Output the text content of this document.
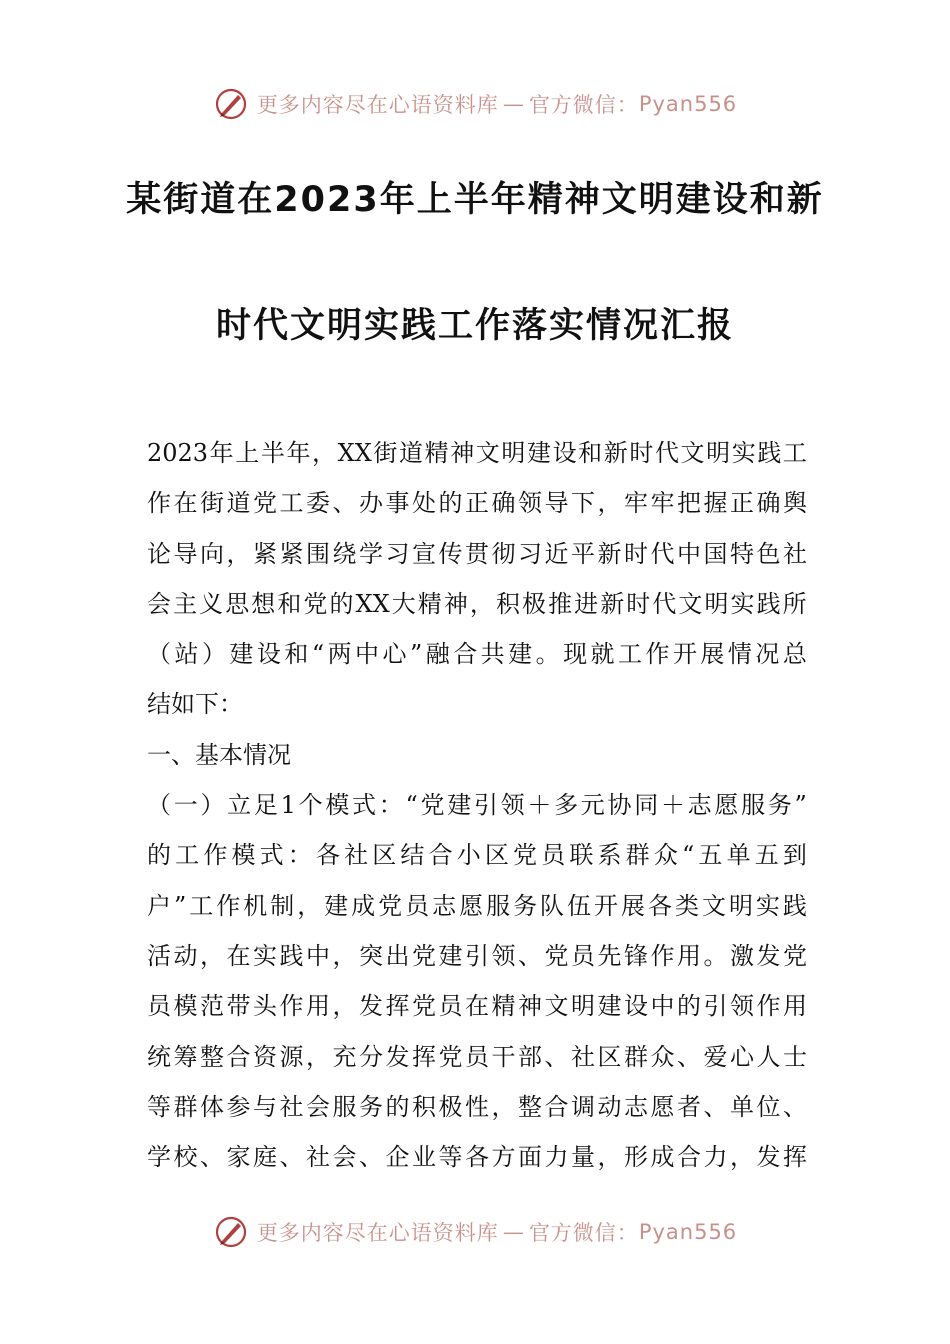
更多内容尽在心语资料库 — 官方微信： Pyan556
某街道在2023年上半年精神文明建设和新
时代文明实践工作落实情况汇报
2023 年 上 半 年 ， XX 街 道 精 神 文 明 建 设 和 新 时 代 文 明 实 践 工
作 在 街 道 党 工 委 、 办 事 处 的 正 确 领 导 下 ， 牢 牢 把 握 正 确 舆
论 导 向 ， 紧 紧 围 绕 学 习 宣 传 贯 彻 习 近 平 新 时 代 中 国 特 色 社
会 主 义 思 想 和 党 的 XX 大 精 神 ， 积 极 推 进 新 时 代 文 明 实 践 所
（ 站 ） 建 设 和 “ 两 中 心 ” 融 合 共 建 。 现 就 工 作 开 展 情 况 总
结 如 下 ：
一 、 基 本 情 况
（ 一 ） 立 足 1 个 模 式 ： “ 党 建 引 领 ＋ 多 元 协 同 ＋ 志 愿 服 务 ”
的 工 作 模 式 ： 各 社 区 结 合 小 区 党 员 联 系 群 众 “ 五 单 五 到
户 ” 工 作 机 制 ， 建 成 党 员 志 愿 服 务 队 伍 开 展 各 类 文 明 实 践
活 动 ， 在 实 践 中 ， 突 出 党 建 引 领 、 党 员 先 锋 作 用 。 激 发 党
员 模 范 带 头 作 用 ， 发 挥 党 员 在 精 神 文 明 建 设 中 的 引 领 作 用
统 筹 整 合 资 源 ， 充 分 发 挥 党 员 干 部 、 社 区 群 众 、 爱 心 人 士
等 群 体 参 与 社 会 服 务 的 积 极 性 ， 整 合 调 动 志 愿 者 、 单 位 、
学 校 、 家 庭 、 社 会 、 企 业 等 各 方 面 力 量 ， 形 成 合 力 ， 发 挥
更多内容尽在心语资料库 — 官方微信： Pyan556
